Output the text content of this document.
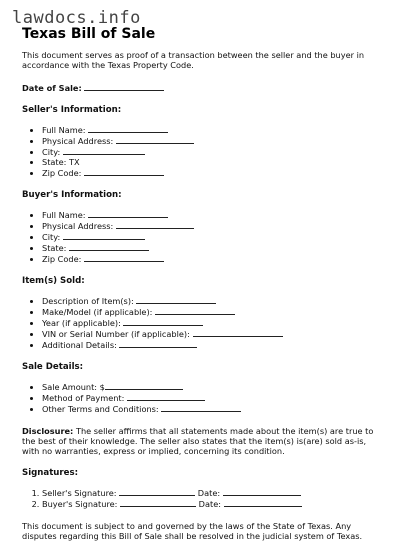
lawdocs.info
Texas Bill of Sale

This document serves as proof of a transaction between the seller and the buyer in accordance with the Texas Property Code.

Date of Sale:

Seller's Information:
• Full Name:
• Physical Address:
• City:
• State: TX
• Zip Code:
Buyer's Information:
• Full Name:
• Physical Address:
• City:
• State:
• Zip Code:
Item(s) Sold:
• Description of Item(s):
• Make/Model (if applicable):
• Year (if applicable):
• VIN or Serial Number (if applicable):
• Additional Details:
Sale Details:
• Sale Amount: $
• Method of Payment:
• Other Terms and Conditions:

Disclosure: The seller affirms that all statements made about the item(s) are true to the best of their knowledge. The seller also states that the item(s) is(are) sold as-is, with no warranties, express or implied, concerning its condition.

Signatures:
1. Seller's Signature:	Date:
2. Buyer's Signature:	Date:

This document is subject to and governed by the laws of the State of Texas. Any disputes regarding this Bill of Sale shall be resolved in the judicial system of Texas.
